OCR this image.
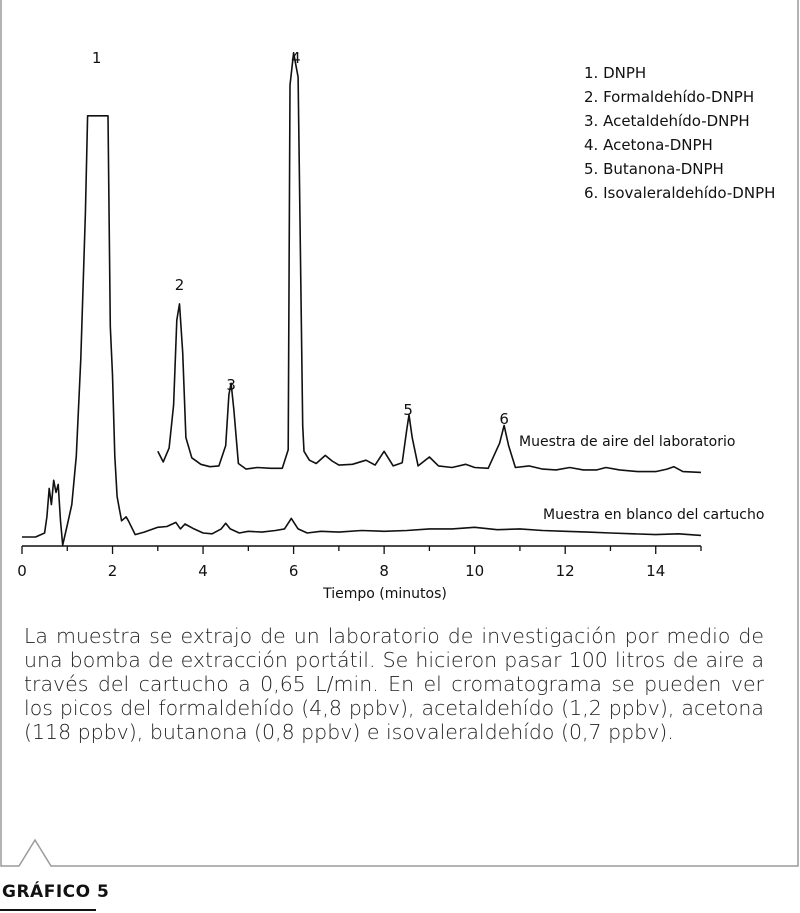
0	2	4	6	8	10	12	14
1
2
3
4
5	6
Muestra de aire del laboratorio
Muestra en blanco del cartucho
1. DNPH
2. Formaldehído-DNPH
3. Acetaldehído-DNPH
4. Acetona-DNPH
5. Butanona-DNPH
6. Isovaleraldehído-DNPH
Tiempo (minutos)

La muestra se extrajo de un laboratorio de investigación por medio de una bomba de extracción portátil. Se hicieron pasar 100 litros de aire a través del cartucho a 0,65 L/min. En el cromatograma se pueden ver los picos del formaldehído (4,8 ppbv), acetaldehído (1,2 ppbv), acetona (118 ppbv), butanona (0,8 ppbv) e isovaleraldehído (0,7 ppbv).

GRÁFICO 5
